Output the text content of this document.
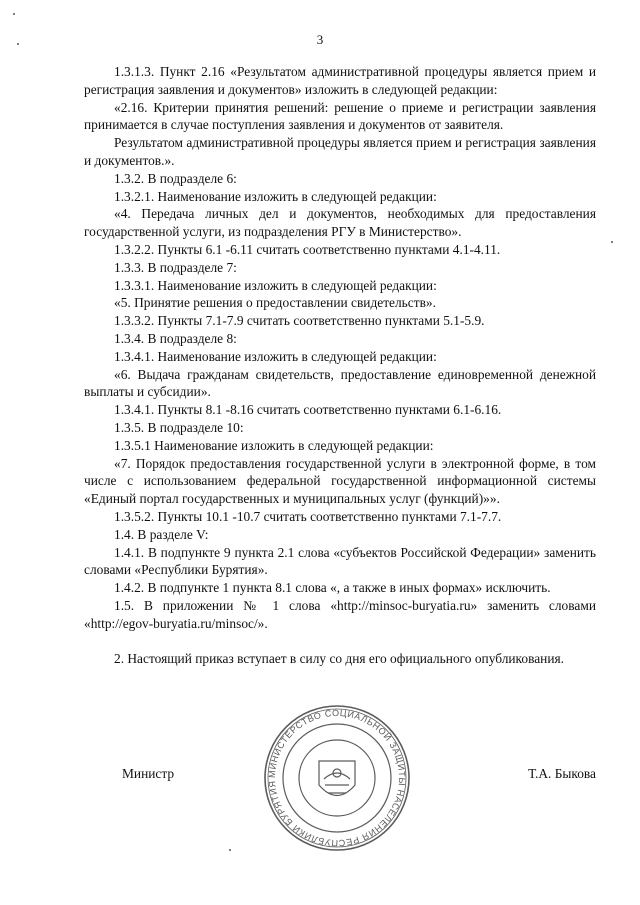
3

1.3.1.3. Пункт 2.16 «Результатом административной процедуры является прием и регистрация заявления и документов» изложить в следующей редакции:

«2.16. Критерии принятия решений: решение о приеме и регистрации заявления принимается в случае поступления заявления и документов от заявителя.

Результатом административной процедуры является прием и регистрация заявления и документов.».

1.3.2. В подразделе 6:

1.3.2.1. Наименование изложить в следующей редакции:

«4. Передача личных дел и документов, необходимых для предоставления государственной услуги, из подразделения РГУ в Министерство».

1.3.2.2. Пункты 6.1 -6.11 считать соответственно пунктами 4.1-4.11.

1.3.3. В подразделе 7:

1.3.3.1. Наименование изложить в следующей редакции:

«5. Принятие решения о предоставлении свидетельств».

1.3.3.2. Пункты 7.1-7.9 считать соответственно пунктами 5.1-5.9.

1.3.4. В подразделе 8:

1.3.4.1. Наименование изложить в следующей редакции:

«6. Выдача гражданам свидетельств, предоставление единовременной денежной выплаты и субсидии».

1.3.4.1. Пункты 8.1 -8.16 считать соответственно пунктами 6.1-6.16.

1.3.5. В подразделе 10:

1.3.5.1 Наименование изложить в следующей редакции:

«7. Порядок предоставления государственной услуги в электронной форме, в том числе с использованием федеральной государственной информационной системы «Единый портал государственных и муниципальных услуг (функций)»».

1.3.5.2. Пункты 10.1 -10.7 считать соответственно пунктами 7.1-7.7.

1.4. В разделе V:

1.4.1. В подпункте 9 пункта 2.1 слова «субъектов Российской Федерации» заменить словами «Республики Бурятия».

1.4.2. В подпункте 1 пункта 8.1 слова «, а также в иных формах» исключить.

1.5. В приложении № 1 слова «http://minsoc-buryatia.ru» заменить словами «http://egov-buryatia.ru/minsoc/».

2. Настоящий приказ вступает в силу со дня его официального опубликования.

МИНИСТЕРСТВО СОЦИАЛЬНОЙ ЗАЩИТЫ НАСЕЛЕНИЯ РЕСПУБЛИКИ БУРЯТИЯ
Министр	Т.А. Быкова
